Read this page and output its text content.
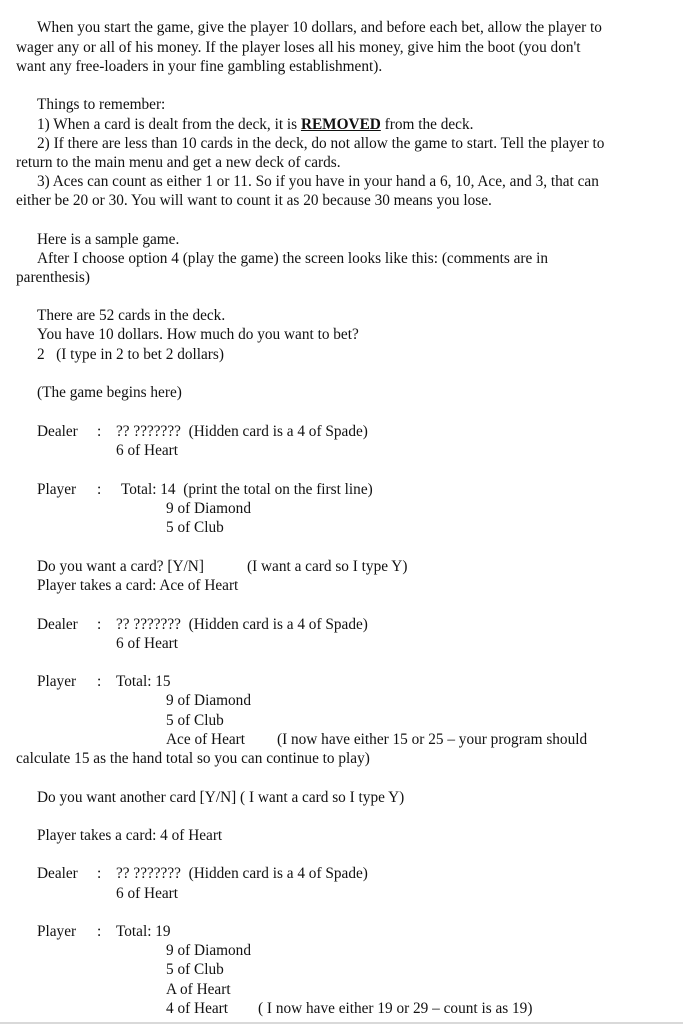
When you start the game, give the player 10 dollars, and before each bet, allow the player to
wager any or all of his money. If the player loses all his money, give him the boot (you don't
want any free-loaders in your fine gambling establishment).
Things to remember:
1) When a card is dealt from the deck, it is REMOVED from the deck.
2) If there are less than 10 cards in the deck, do not allow the game to start. Tell the player to
return to the main menu and get a new deck of cards.
3) Aces can count as either 1 or 11. So if you have in your hand a 6, 10, Ace, and 3, that can
either be 20 or 30. You will want to count it as 20 because 30 means you lose.
Here is a sample game.
After I choose option 4 (play the game) the screen looks like this: (comments are in
parenthesis)
There are 52 cards in the deck.
You have 10 dollars. How much do you want to bet?
2 (I type in 2 to bet 2 dollars)
(The game begins here)
Dealer : ?? ??????? (Hidden card is a 4 of Spade)
6 of Heart
Player : Total: 14 (print the total on the first line)
9 of Diamond
5 of Club
Do you want a card? [Y/N]	(I want a card so I type Y)
Player takes a card: Ace of Heart
Dealer : ?? ??????? (Hidden card is a 4 of Spade)
6 of Heart
Player : Total: 15
9 of Diamond
5 of Club
Ace of Heart (I now have either 15 or 25 – your program should
calculate 15 as the hand total so you can continue to play)
Do you want another card [Y/N] ( I want a card so I type Y)
Player takes a card: 4 of Heart
Dealer : ?? ??????? (Hidden card is a 4 of Spade)
6 of Heart
Player : Total: 19
9 of Diamond
5 of Club
A of Heart
4 of Heart ( I now have either 19 or 29 – count is as 19)
